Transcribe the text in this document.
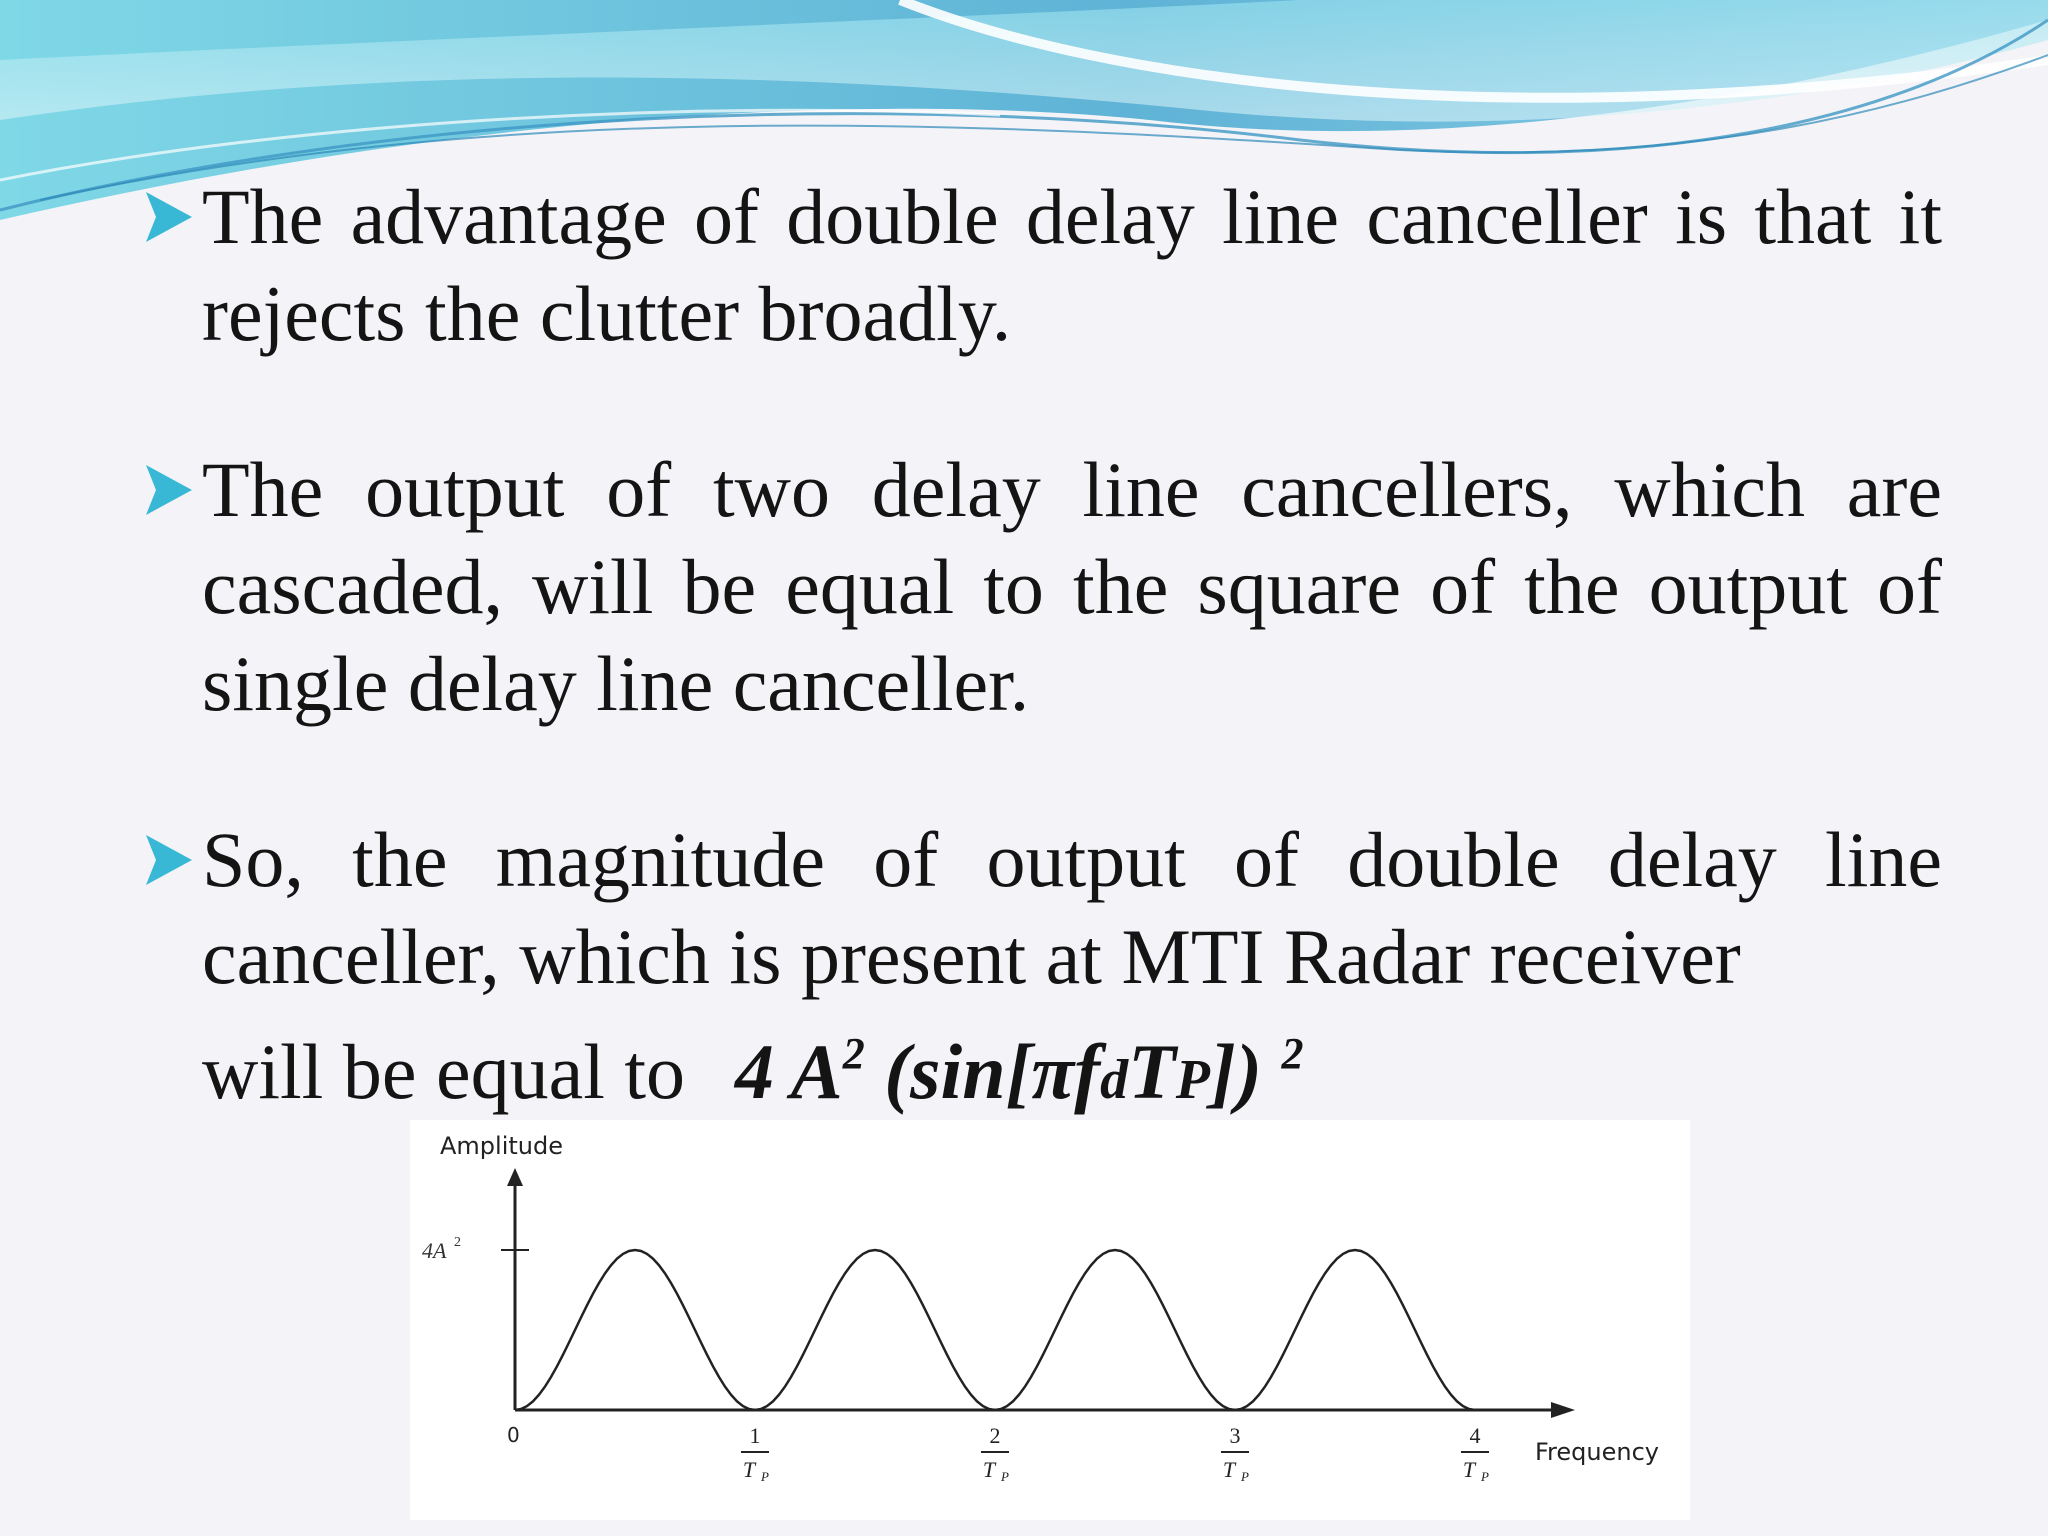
The advantage of double delay line canceller is that it rejects the clutter broadly.

The output of two delay line cancellers, which are cascaded, will be equal to the square of the output of single delay line canceller.

So, the magnitude of output of double delay line canceller, which is present at MTI Radar receiver
will be equal to 4 $A^2$ (sin[πfdTP]) $^2$

Amplitude
Frequency
4A 2
0	1
T P
2
T P
3
T P
4
T P
